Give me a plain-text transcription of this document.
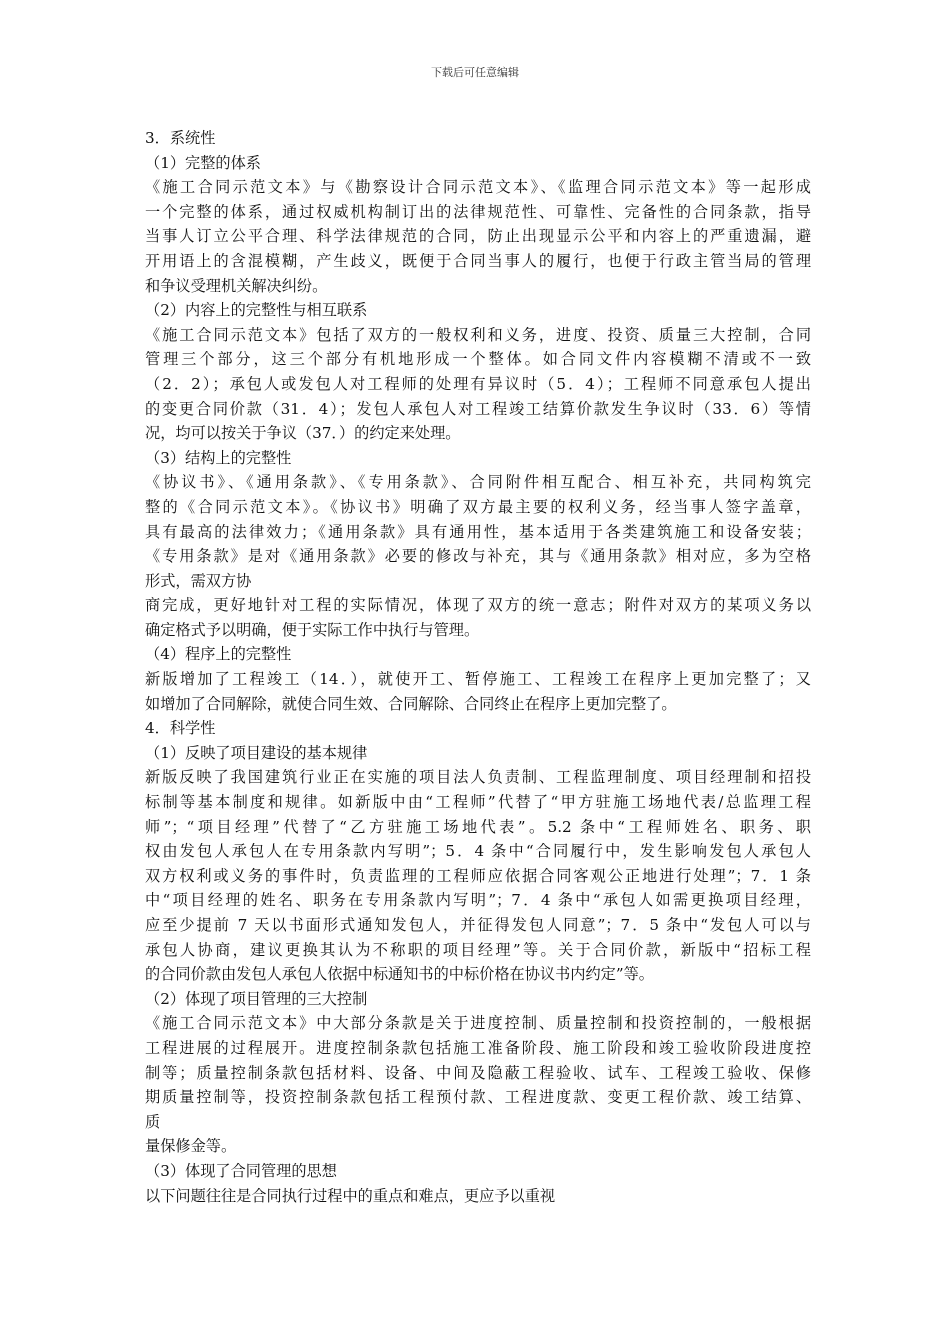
下载后可任意编辑
3．系统性
（1）完整的体系
《施工合同示范文本》与《勘察设计合同示范文本》、《监理合同示范文本》等一起形成
一个完整的体系，通过权威机构制订出的法律规范性、可靠性、完备性的合同条款，指导
当事人订立公平合理、科学法律规范的合同，防止出现显示公平和内容上的严重遗漏，避
开用语上的含混模糊，产生歧义，既便于合同当事人的履行，也便于行政主管当局的管理
和争议受理机关解决纠纷。
（2）内容上的完整性与相互联系
《施工合同示范文本》包括了双方的一般权利和义务，进度、投资、质量三大控制，合同
管理三个部分，这三个部分有机地形成一个整体。如合同文件内容模糊不清或不一致
（2．2）；承包人或发包人对工程师的处理有异议时（5．4）；工程师不同意承包人提出
的变更合同价款（31．4）；发包人承包人对工程竣工结算价款发生争议时（33．6）等情
况，均可以按关于争议（37．）的约定来处理。
（3）结构上的完整性
《协议书》、《通用条款》、《专用条款》、合同附件相互配合、相互补充，共同构筑完
整的《合同示范文本》。《协议书》明确了双方最主要的权利义务，经当事人签字盖章，
具有最高的法律效力；《通用条款》具有通用性，基本适用于各类建筑施工和设备安装；
《专用条款》是对《通用条款》必要的修改与补充，其与《通用条款》相对应，多为空格
形式，需双方协
商完成，更好地针对工程的实际情况，体现了双方的统一意志；附件对双方的某项义务以
确定格式予以明确，便于实际工作中执行与管理。
（4）程序上的完整性
新版增加了工程竣工（14．），就使开工、暂停施工、工程竣工在程序上更加完整了；又
如增加了合同解除，就使合同生效、合同解除、合同终止在程序上更加完整了。
4．科学性
（1）反映了项目建设的基本规律
新版反映了我国建筑行业正在实施的项目法人负责制、工程监理制度、项目经理制和招投
标制等基本制度和规律。如新版中由“工程师”代替了“甲方驻施工场地代表/总监理工程
师”；“项目经理”代替了“乙方驻施工场地代表”。5.2 条中“工程师姓名、职务、职
权由发包人承包人在专用条款内写明”；5．4 条中“合同履行中，发生影响发包人承包人
双方权利或义务的事件时，负责监理的工程师应依据合同客观公正地进行处理”；7．1 条
中“项目经理的姓名、职务在专用条款内写明”；7．4 条中“承包人如需更换项目经理，
应至少提前 7 天以书面形式通知发包人，并征得发包人同意”；7．5 条中“发包人可以与
承包人协商，建议更换其认为不称职的项目经理”等。关于合同价款，新版中“招标工程
的合同价款由发包人承包人依据中标通知书的中标价格在协议书内约定”等。
（2）体现了项目管理的三大控制
《施工合同示范文本》中大部分条款是关于进度控制、质量控制和投资控制的，一般根据
工程进展的过程展开。进度控制条款包括施工准备阶段、施工阶段和竣工验收阶段进度控
制等；质量控制条款包括材料、设备、中间及隐蔽工程验收、试车、工程竣工验收、保修
期质量控制等，投资控制条款包括工程预付款、工程进度款、变更工程价款、竣工结算、
质
量保修金等。
（3）体现了合同管理的思想
以下问题往往是合同执行过程中的重点和难点，更应予以重视
